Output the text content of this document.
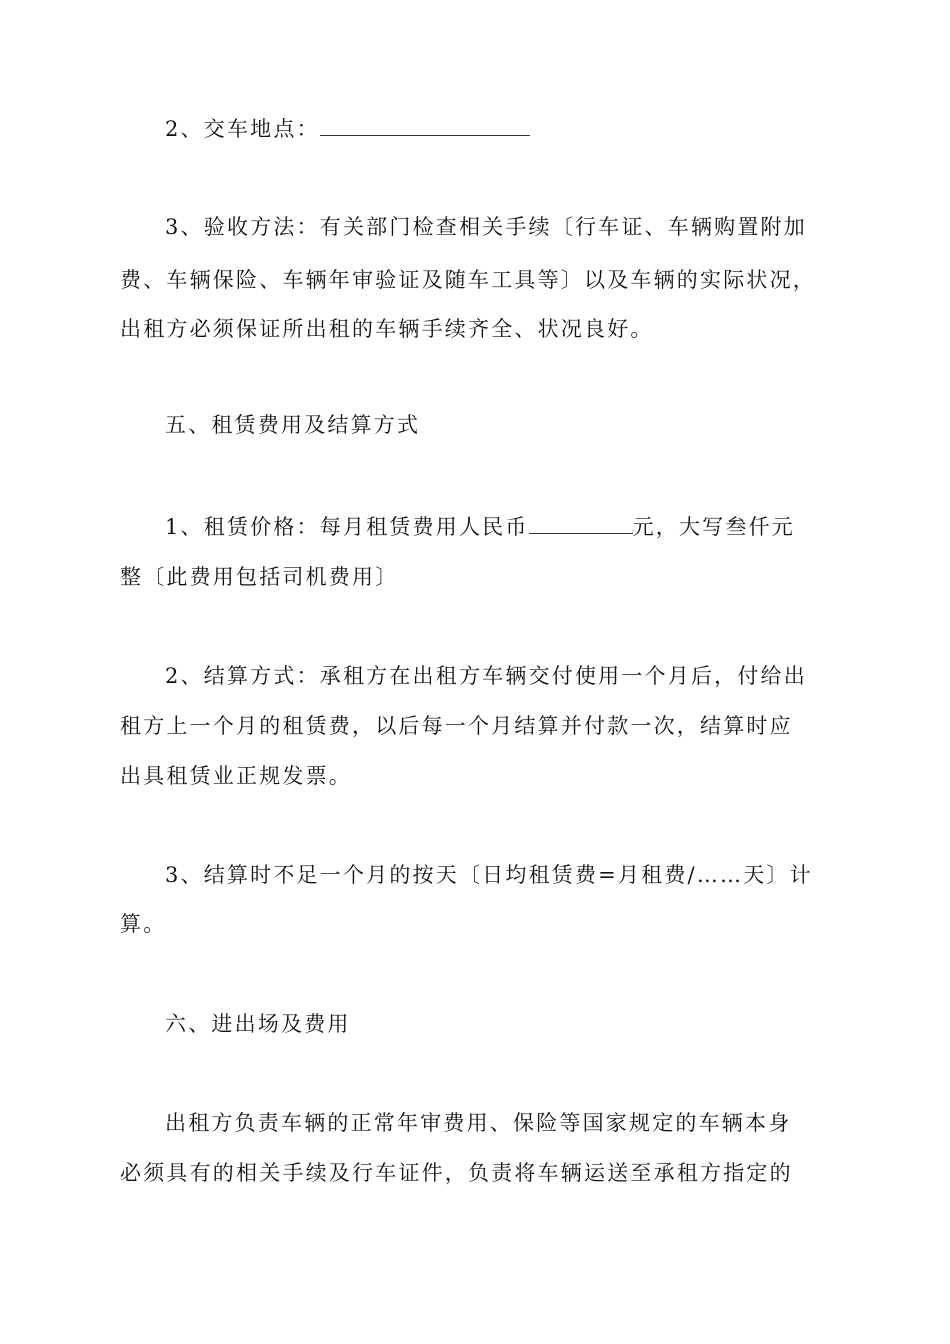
2、交车地点：
3、验收方法：有关部门检查相关手续〔行车证、车辆购置附加
费、车辆保险、车辆年审验证及随车工具等〕以及车辆的实际状况，
出租方必须保证所出租的车辆手续齐全、状况良好。
五、租赁费用及结算方式
1、租赁价格：每月租赁费用人民币	元，大写叁仟元
整〔此费用包括司机费用〕
2、结算方式：承租方在出租方车辆交付使用一个月后，付给出
租方上一个月的租赁费，以后每一个月结算并付款一次，结算时应
出具租赁业正规发票。
3、结算时不足一个月的按天〔日均租赁费=月租费/……天〕计
算。
六、进出场及费用
出租方负责车辆的正常年审费用、保险等国家规定的车辆本身
必须具有的相关手续及行车证件，负责将车辆运送至承租方指定的
